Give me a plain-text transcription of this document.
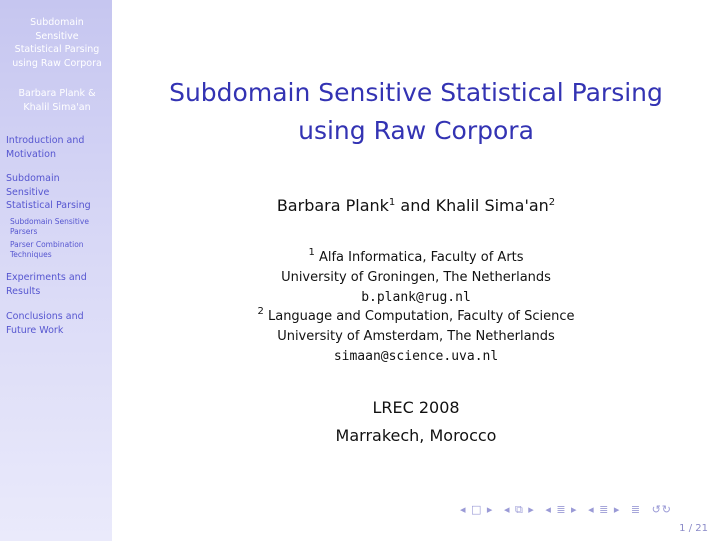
Subdomain
Sensitive
Statistical Parsing
using Raw Corpora
Barbara Plank &
Khalil Sima'an
Introduction and
Motivation
Subdomain
Sensitive
Statistical Parsing
Subdomain Sensitive
Parsers
Parser Combination
Techniques
Experiments and
Results
Conclusions and
Future Work
Subdomain Sensitive Statistical Parsing
using Raw Corpora
Barbara Plank$^1$ and Khalil $Sima'an^2$
$^1$ Alfa Informatica, Faculty of Arts
University of Groningen, The Netherlands
b.plank@rug.nl
$^2$ Language and Computation, Faculty of Science
University of Amsterdam, The Netherlands
simaan@science.uva.nl
LREC 2008
Marrakech, Morocco
◂ □ ▸ ◂ ⧉ ▸ ◂ ≣ ▸ ◂ ≣ ▸ ≣ ↺↻
1 / 21
